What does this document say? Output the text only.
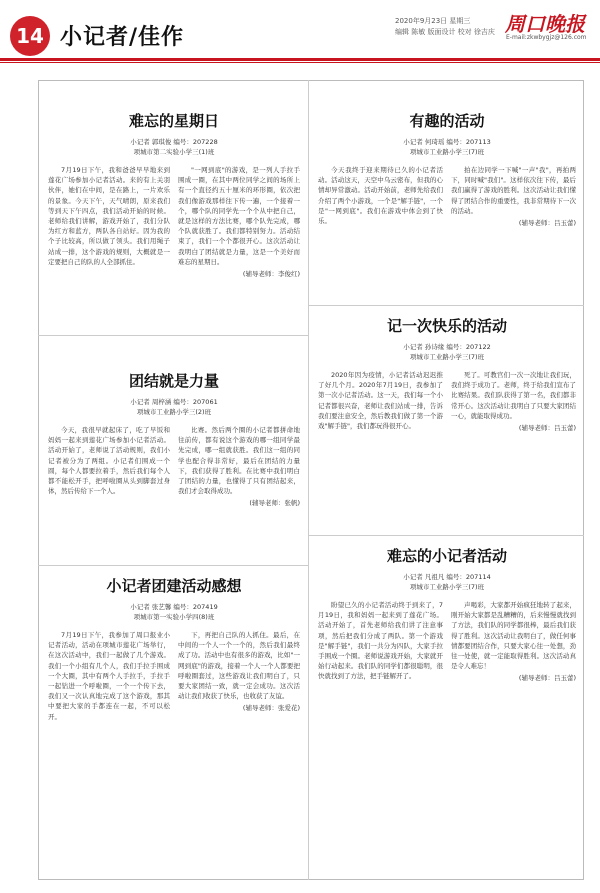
14 小记者/佳作
2020年9月23日 星期三
编辑 陈敏 版面设计 校对 徐吉庆 周口晚报
E-mail:zkwbygjz@126.com
难忘的星期日
小记者 郭琪俊 编号：207228
项城市第二实验小学三(1)班

7月19日下午，我和爸爸早早地来到莲花广场参加小记者活动。来的有上关羽伙伴，她们在中间，是在路上，一片欢乐的景象。今天下午，天气晴朗，原来我们等到天下午四点，我们活动开始的时候。老师给我们讲解，游戏开始了，我们分队为红方和蓝方，两队各自站好。因为我的个子比较高，所以做了领头。我们用绳子站成一排，这个游戏的规则，大概就是一定要把自己的队的人全部抓住。

"一网到底"的游戏，是一列人手拉手围成一圈，在其中两位同学之间的场所上有一个直径约五十厘米的环形圈，依次把我们像游戏那样往下传一遍，一个接着一个，哪个队的同学先一个个从中把自己，就是这样的方法比赛，哪个队先完成，哪个队就获胜了。我们都特别努力。活动结束了，我们一个个都很开心。这次活动让我明白了团结就是力量，这是一个美好而难忘的星期日。

(辅导老师：李俊红)
团结就是力量
小记者 周梓涵 编号：207061
项城市工业路小学三(2)班

今天，我很早就起床了，吃了早饭和妈妈一起来到莲花广场参加小记者活动。活动开始了，老师说了活动规则，我们小记者被分为了两组。小记者们围成一个圆，每个人都要拉着手，然后我们每个人都不能松开手，把呼啦圈从头到脚套过身体，然后传给下一个人。

比赛。然后两个圈的小记者都拼命地往前传，都有说这个游戏的哪一组同学最先完成，哪一组就获胜。我们这一组的同学也配合得非常好，最后在团结的力量下，我们获得了胜利。在比赛中我们明白了团结的力量，也懂得了只有团结起来，我们才会取得成功。

(辅导老师：张帆)
小记者团建活动感想
小记者 张艺馨 编号：207419
项城市第一实验小学四(8)班

7月19日下午，我参加了周口报业小记者活动，活动在项城市莲花广场举行，在这次活动中，我们一起做了几个游戏。我们一个小组有几个人，我们手拉手围成一个大圈，其中有两个人手拉手，手拉手一起钻进一个呼啦圈，一个一个传下去，我们又一次认真地完成了这个游戏，那其中要把大家的手都连在一起，不可以松开。

下，再把自己队的人抓住。最后，在中间的一个人一个一个的，然后我们最终成了功。活动中也有很多的游戏，比如"一网到底"的游戏，接着一个人一个人都要把呼啦圈套过，这些游戏让我们明白了，只要大家团结一致，就一定会成功。这次活动让我们收获了快乐，也收获了友谊。

(辅导老师：张爱花)
有趣的活动
小记者 何琦瑶 编号：207113
项城市工业路小学三(7)班

今天我终于迎来期待已久的小记者活动。活动这天，天空中乌云密布，但我的心情却异常激动。活动开始前，老师先给我们介绍了两个小游戏，一个是"解手链"，一个是"一网到底"。我们在游戏中体会到了快乐。

拍在边同学一下喊"一声"我"，再拍两下，同时喊"我们"。这样依次往下传，最后我们赢得了游戏的胜利。这次活动让我们懂得了团结合作的重要性，我非常期待下一次的活动。

(辅导老师：吕玉蕾)
记一次快乐的活动
小记者 孙诗缘 编号：207122
项城市工业路小学三(7)班

2020年因为疫情，小记者活动迟迟推了好几个月。2020年7月19日，我参加了第一次小记者活动。这一天，我们每一个小记者都很兴奋，老师让我们站成一排，告诉我们要注意安全，然后教我们做了第一个游戏"解手链"，我们都玩得很开心。

死了。可教官们一次一次地让我们玩，我们终于成功了。老师，终于给我们宣布了比赛结果。我们队获得了第一名，我们都非常开心。这次活动让我明白了只要大家团结一心，就能取得成功。

(辅导老师：吕玉蕾)
难忘的小记者活动
小记者 凡祖凡 编号：207114
项城市工业路小学三(7)班

盼望已久的小记者活动终于到来了，7月19日，我和妈妈一起来到了莲花广场。活动开始了，首先老师给我们讲了注意事项，然后把我们分成了两队。第一个游戏是"解手链"，我们一共分为四队，大家手拉手围成一个圈。老师说游戏开始，大家就开始行动起来。我们队的同学们都很聪明，很快就找到了方法，把手链解开了。

声喝彩，大家都开始疯狂地转了起来，刚开始大家都是乱糟糟的，后来慢慢就找到了方法，我们队的同学都很棒，最后我们获得了胜利。这次活动让我明白了，做任何事情都要团结合作，只要大家心往一处想，劲往一处使，就一定能取得胜利。这次活动真是令人难忘！

(辅导老师：吕玉蕾)
